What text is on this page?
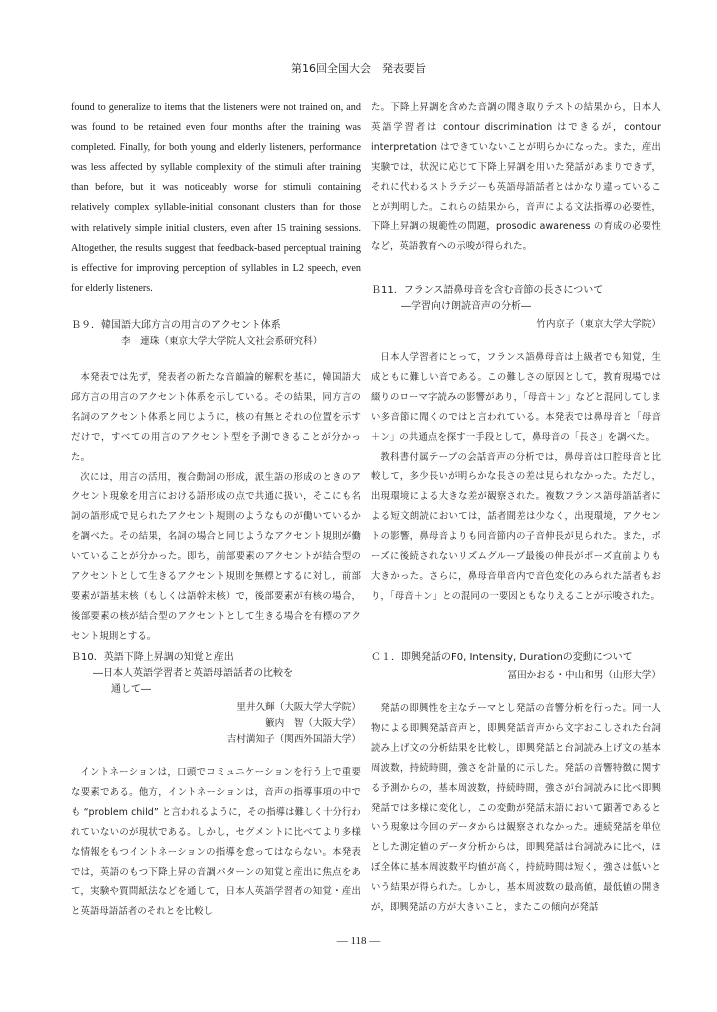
第16回全国大会　発表要旨

found to generalize to items that the listeners were not trained on, and was found to be retained even four months after the training was completed. Finally, for both young and elderly listeners, performance was less affected by syllable complexity of the stimuli after training than before, but it was noticeably worse for stimuli containing relatively complex syllable-initial consonant clusters than for those with relatively simple initial clusters, even after 15 training sessions. Altogether, the results suggest that feedback-based perceptual training is effective for improving perception of syllables in L2 speech, even for elderly listeners.

Ｂ９．韓国語大邱方言の用言のアクセント体系

李　連珠（東京大学大学院人文社会系研究科）

本発表では先ず，発表者の新たな音韻論的解釈を基に，韓国語大邱方言の用言のアクセント体系を示している。その結果，同方言の名詞のアクセント体系と同じように，核の有無とそれの位置を示すだけで，すべての用言のアクセント型を予測できることが分かった。

次には，用言の活用，複合動詞の形成，派生語の形成のときのアクセント現象を用言における語形成の点で共通に扱い，そこにも名詞の語形成で見られたアクセント規則のようなものが働いているかを調べた。その結果，名詞の場合と同じようなアクセント規則が働いていることが分かった。即ち，前部要素のアクセントが結合型のアクセントとして生きるアクセント規則を無標とするに対し，前部要素が語基末核（もしくは語幹末核）で，後部要素が有核の場合，後部要素の核が結合型のアクセントとして生きる場合を有標のアクセント規則とする。

Ｂ10．英語下降上昇調の知覚と産出

―日本人英語学習者と英語母語話者の比較を

通して―

里井久輝（大阪大学大学院）

籔内　智（大阪大学）

吉村満知子（関西外国語大学）

イントネーションは，口頭でコミュニケーションを行う上で重要な要素である。他方，イントネーションは，音声の指導事項の中でも “problem child” と言われるように，その指導は難しく十分行われていないのが現状である。しかし，セグメントに比べてより多様な情報をもつイントネーションの指導を怠ってはならない。本発表では，英語のもつ下降上昇の音調パターンの知覚と産出に焦点をあて，実験や質問紙法などを通して，日本人英語学習者の知覚・産出と英語母語話者のそれとを比較し

た。下降上昇調を含めた音調の聞き取りテストの結果から，日本人英語学習者は contour discrimination はできるが，contour interpretation はできていないことが明らかになった。また，産出実験では，状況に応じて下降上昇調を用いた発話があまりできず，それに代わるストラテジーも英語母語話者とはかなり違っていることが判明した。これらの結果から，音声による文法指導の必要性，下降上昇調の規範性の問題，prosodic awareness の育成の必要性など，英語教育への示唆が得られた。

Ｂ11．フランス語鼻母音を含む音節の長さについて

―学習向け朗読音声の分析―

竹内京子（東京大学大学院）

日本人学習者にとって，フランス語鼻母音は上級者でも知覚，生成ともに難しい音である。この難しさの原因として，教育現場では綴りのローマ字読みの影響があり，「母音＋ン」などと混同してしまい多音節に聞くのではと言われている。本発表では鼻母音と「母音＋ン」の共通点を探す一手段として，鼻母音の「長さ」を調べた。

教科書付属テープの会話音声の分析では，鼻母音は口腔母音と比較して，多少長いが明らかな長さの差は見られなかった。ただし，出現環境による大きな差が観察された。複数フランス語母語話者による短文朗読においては，話者間差は少なく，出現環境，アクセントの影響，鼻母音よりも同音節内の子音伸長が見られた。また，ポーズに後続されないリズムグループ最後の伸長がポーズ直前よりも大きかった。さらに，鼻母音単音内で音色変化のみられた話者もおり，「母音＋ン」との混同の一要因ともなりえることが示唆された。

Ｃ１．即興発話のF0, Intensity, Durationの変動について

冨田かおる・中山和男（山形大学）

発話の即興性を主なテーマとし発話の音響分析を行った。同一人物による即興発話音声と，即興発話音声から文字おこしされた台詞読み上げ文の分析結果を比較し，即興発話と台詞読み上げ文の基本周波数，持続時間，強さを計量的に示した。発話の音響特徴に関する予測からの，基本周波数，持続時間，強さが台詞読みに比べ即興発話では多様に変化し，この変動が発話末語において顕著であるという現象は今回のデータからは観察されなかった。連続発話を単位とした測定値のデータ分析からは，即興発話は台詞読みに比べ，ほぼ全体に基本周波数平均値が高く，持続時間は短く，強さは低いという結果が得られた。しかし，基本周波数の最高値，最低値の開きが，即興発話の方が大きいこと，またこの傾向が発話

― 118 ―
